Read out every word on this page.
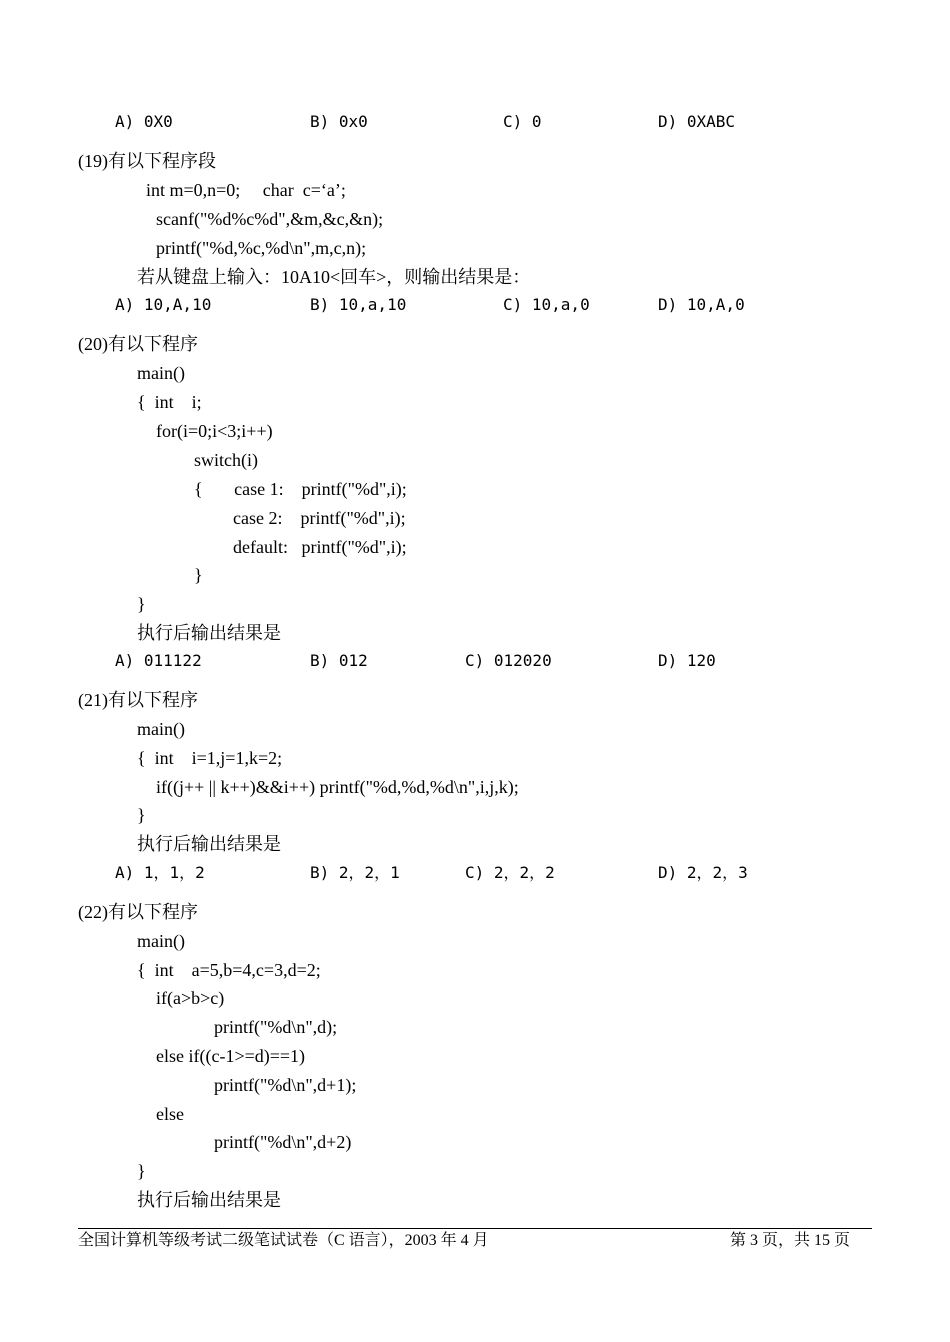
A) 0X0	B) 0x0	C) 0	D) 0XABC
(19)有以下程序段
int m=0,n=0;     char  c=‘a’;
scanf("%d%c%d",&m,&c,&n);
printf("%d,%c,%d\n",m,c,n);
若从键盘上输入：10A10<回车>，则输出结果是：
A) 10,A,10	B) 10,a,10	C) 10,a,0	D) 10,A,0
(20)有以下程序
main()
{  int    i;
for(i=0;i<3;i++)
switch(i)
{       case 1:    printf("%d",i);
case 2:    printf("%d",i);
default:   printf("%d",i);
}
}
执行后输出结果是
A) 011122	B) 012	C) 012020	D) 120
(21)有以下程序
main()
{  int    i=1,j=1,k=2;
if((j++ || k++)&&i++) printf("%d,%d,%d\n",i,j,k);
}
执行后输出结果是
A) 1，1，2	B) 2，2，1	C) 2，2，2	D) 2，2，3
(22)有以下程序
main()
{  int    a=5,b=4,c=3,d=2;
if(a>b>c)
printf("%d\n",d);
else if((c-1>=d)==1)
printf("%d\n",d+1);
else
printf("%d\n",d+2)
}
执行后输出结果是
全国计算机等级考试二级笔试试卷（C 语言），2003 年 4 月	第 3 页，共 15 页
